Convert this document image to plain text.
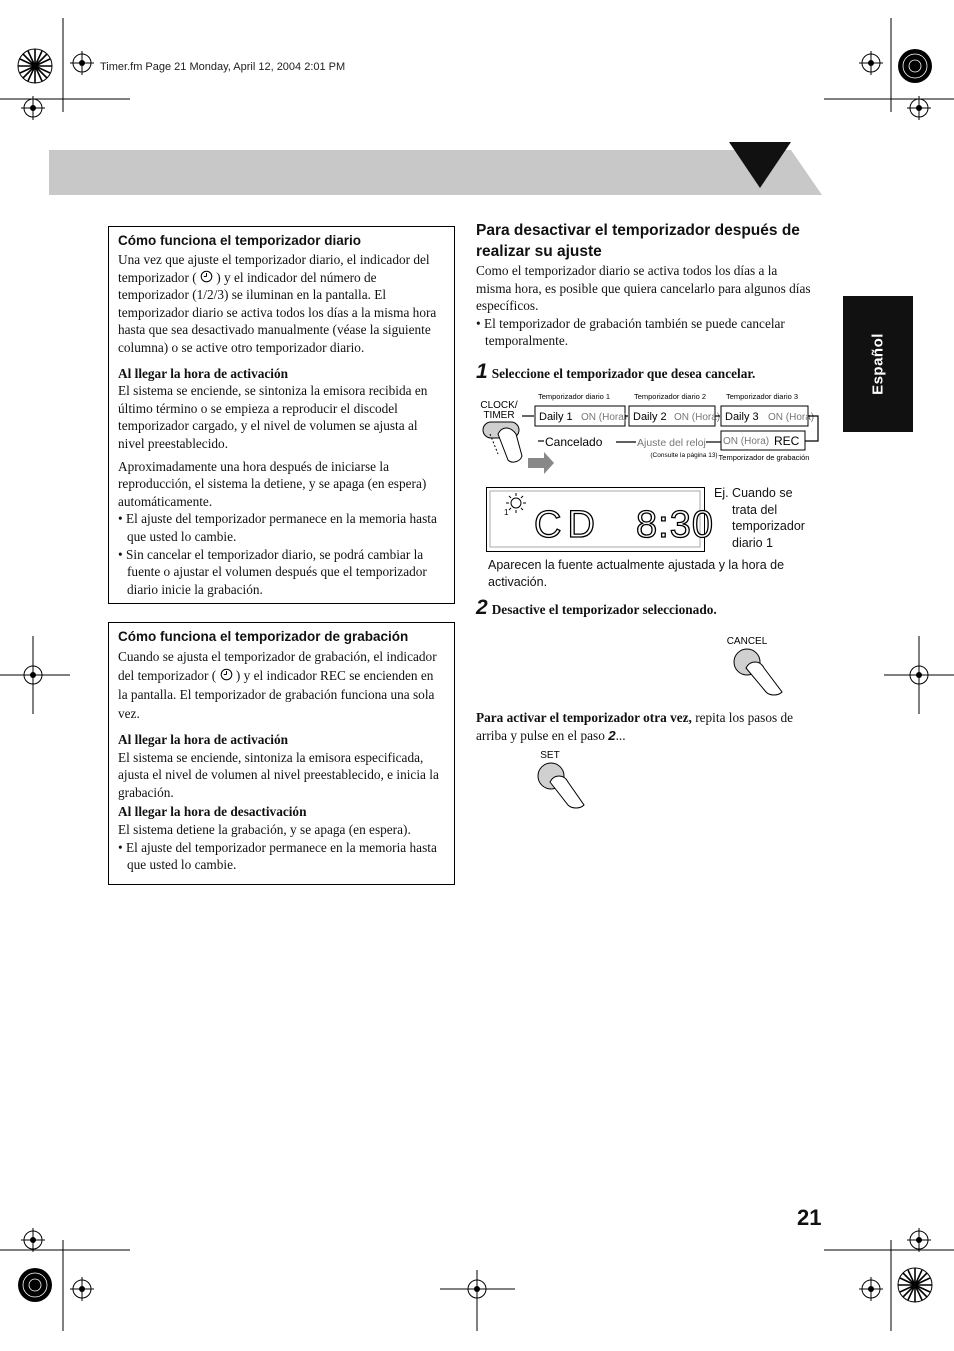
Timer.fm Page 21 Monday, April 12, 2004 2:01 PM
Español

Cómo funciona el temporizador diario

Una vez que ajuste el temporizador diario, el indicador del temporizador ( ) y el indicador del número de temporizador (1/2/3) se iluminan en la pantalla. El temporizador diario se activa todos los días a la misma hora hasta que sea desactivado manualmente (véase la siguiente columna) o se active otro temporizador diario.

Al llegar la hora de activación

El sistema se enciende, se sintoniza la emisora recibida en último término o se empieza a reproducir el discodel temporizador cargado, y el nivel de volumen se ajusta al nivel preestablecido.

Aproximadamente una hora después de iniciarse la reproducción, el sistema la detiene, y se apaga (en espera) automáticamente.

• El ajuste del temporizador permanece en la memoria hasta que usted lo cambie.

• Sin cancelar el temporizador diario, se podrá cambiar la fuente o ajustar el volumen después que el temporizador diario inicie la grabación.

Cómo funciona el temporizador de grabación

Cuando se ajusta el temporizador de grabación, el indicador del temporizador ( ) y el indicador REC se encienden en la pantalla. El temporizador de grabación funciona una sola vez.

Al llegar la hora de activación

El sistema se enciende, sintoniza la emisora especificada, ajusta el nivel de volumen al nivel preestablecido, e inicia la grabación.

Al llegar la hora de desactivación

El sistema detiene la grabación, y se apaga (en espera).

• El ajuste del temporizador permanece en la memoria hasta que usted lo cambie.

Para desactivar el temporizador después de realizar su ajuste

Como el temporizador diario se activa todos los días a la misma hora, es posible que quiera cancelarlo para algunos días específicos.

• El temporizador de grabación también se puede cancelar temporalmente.

1 Seleccione el temporizador que desea cancelar.
CLOCK/
TIMER
Temporizador diario 1	Temporizador diario 2	Temporizador diario 3
Daily 1 ON (Hora) Daily 2 ON (Hora) Daily 3 ON (Hora)
ON (Hora) REC
Cancelado	Ajuste del reloj
(Consulte la página 13) Temporizador de grabación
1 CD 8:30
Ej. Cuando se
trata del
temporizador
diario 1
Aparecen la fuente actualmente ajustada y la hora de activación.
2 Desactive el temporizador seleccionado.
CANCEL
Para activar el temporizador otra vez, repita los pasos de arriba y pulse en el paso 2...
SET
21
